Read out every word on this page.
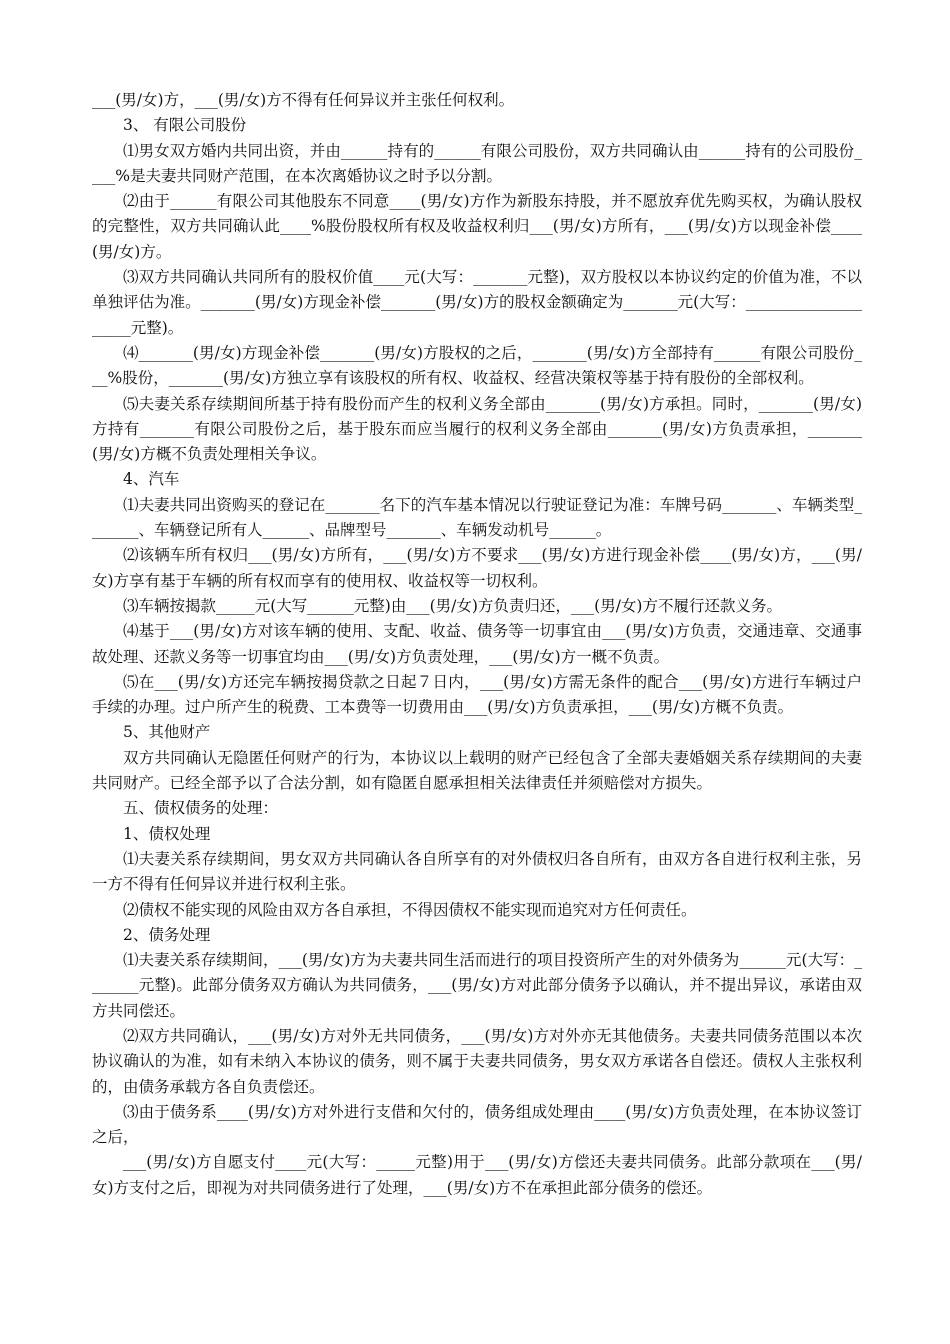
___(男/女)方，___(男/女)方不得有任何异议并主张任何权利。

3、 有限公司股份

⑴男女双方婚内共同出资，并由______持有的______有限公司股份，双方共同确认由______持有的公司股份____%是夫妻共同财产范围，在本次离婚协议之时予以分割。

⑵由于______有限公司其他股东不同意____(男/女)方作为新股东持股，并不愿放弃优先购买权，为确认股权的完整性，双方共同确认此____%股份股权所有权及收益权利归___(男/女)方所有，___(男/女)方以现金补偿____(男/女)方。

⑶双方共同确认共同所有的股权价值____元(大写：_______元整)，双方股权以本协议约定的价值为准，不以单独评估为准。_______(男/女)方现金补偿_______(男/女)方的股权金额确定为_______元(大写：____________________元整)。

⑷_______(男/女)方现金补偿_______(男/女)方股权的之后，_______(男/女)方全部持有______有限公司股份___%股份，_______(男/女)方独立享有该股权的所有权、收益权、经营决策权等基于持有股份的全部权利。

⑸夫妻关系存续期间所基于持有股份而产生的权利义务全部由_______(男/女)方承担。同时，_______(男/女)方持有_______有限公司股份之后，基于股东而应当履行的权利义务全部由_______(男/女)方负责承担，_______(男/女)方概不负责处理相关争议。

4、汽车

⑴夫妻共同出资购买的登记在_______名下的汽车基本情况以行驶证登记为准：车牌号码_______、车辆类型_______、车辆登记所有人______、品牌型号_______、车辆发动机号______。

⑵该辆车所有权归___(男/女)方所有，___(男/女)方不要求___(男/女)方进行现金补偿____(男/女)方，___(男/女)方享有基于车辆的所有权而享有的使用权、收益权等一切权利。

⑶车辆按揭款_____元(大写______元整)由___(男/女)方负责归还，___(男/女)方不履行还款义务。

⑷基于___(男/女)方对该车辆的使用、支配、收益、债务等一切事宜由___(男/女)方负责，交通违章、交通事故处理、还款义务等一切事宜均由___(男/女)方负责处理，___(男/女)方一概不负责。

⑸在___(男/女)方还完车辆按揭贷款之日起７日内，___(男/女)方需无条件的配合___(男/女)方进行车辆过户手续的办理。过户所产生的税费、工本费等一切费用由___(男/女)方负责承担，___(男/女)方概不负责。

5、其他财产

双方共同确认无隐匿任何财产的行为，本协议以上载明的财产已经包含了全部夫妻婚姻关系存续期间的夫妻共同财产。已经全部予以了合法分割，如有隐匿自愿承担相关法律责任并须赔偿对方损失。

五、债权债务的处理：

1、债权处理

⑴夫妻关系存续期间，男女双方共同确认各自所享有的对外债权归各自所有，由双方各自进行权利主张，另一方不得有任何异议并进行权利主张。

⑵债权不能实现的风险由双方各自承担，不得因债权不能实现而追究对方任何责任。

2、债务处理

⑴夫妻关系存续期间，___(男/女)方为夫妻共同生活而进行的项目投资所产生的对外债务为______元(大写：_______元整)。此部分债务双方确认为共同债务，___(男/女)方对此部分债务予以确认，并不提出异议，承诺由双方共同偿还。

⑵双方共同确认，___(男/女)方对外无共同债务，___(男/女)方对外亦无其他债务。夫妻共同债务范围以本次协议确认的为准，如有未纳入本协议的债务，则不属于夫妻共同债务，男女双方承诺各自偿还。债权人主张权利的，由债务承载方各自负责偿还。

⑶由于债务系____(男/女)方对外进行支借和欠付的，债务组成处理由____(男/女)方负责处理，在本协议签订之后，

___(男/女)方自愿支付____元(大写：_____元整)用于___(男/女)方偿还夫妻共同债务。此部分款项在___(男/女)方支付之后，即视为对共同债务进行了处理，___(男/女)方不在承担此部分债务的偿还。
